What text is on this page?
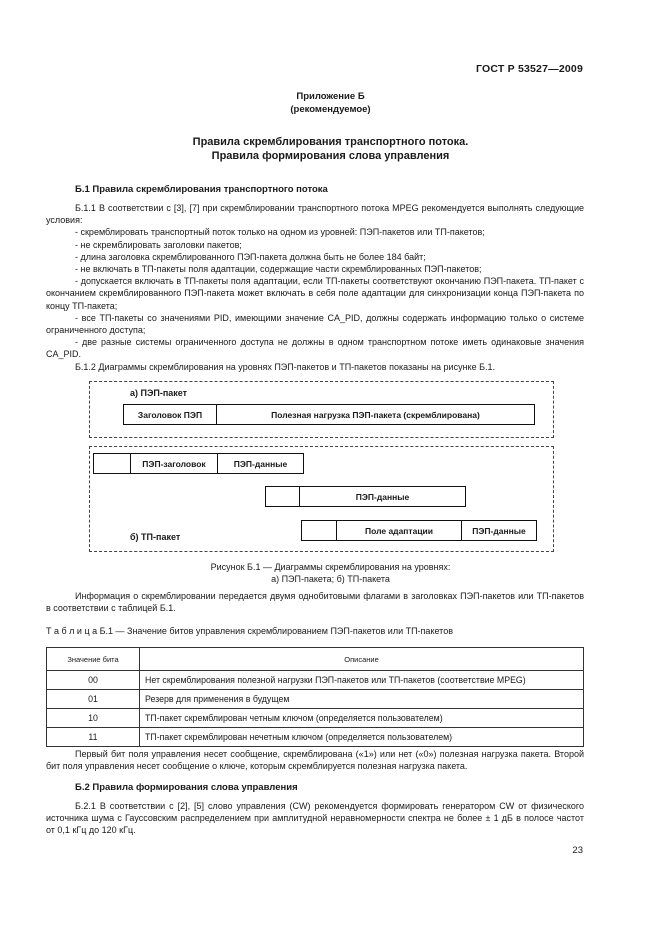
ГОСТ Р 53527—2009
Приложение Б
(рекомендуемое)
Правила скремблирования транспортного потока.
Правила формирования слова управления
Б.1 Правила скремблирования транспортного потока

Б.1.1 В соответствии с [3], [7] при скремблировании транспортного потока MPEG рекомендуется выполнять следующие условия:

- скремблировать транспортный поток только на одном из уровней: ПЭП-пакетов или ТП-пакетов;

- не скремблировать заголовки пакетов;

- длина заголовка скремблированного ПЭП-пакета должна быть не более 184 байт;

- не включать в ТП-пакеты поля адаптации, содержащие части скремблированных ПЭП-пакетов;

- допускается включать в ТП-пакеты поля адаптации, если ТП-пакеты соответствуют окончанию ПЭП-пакета. ТП-пакет с окончанием скремблированного ПЭП-пакета может включать в себя поле адаптации для синхронизации конца ПЭП-пакета по концу ТП-пакета;

- все ТП-пакеты со значениями PID, имеющими значение CA_PID, должны содержать информацию только о системе ограниченного доступа;

- две разные системы ограниченного доступа не должны в одном транспортном потоке иметь одинаковые значения CA_PID.

Б.1.2 Диаграммы скремблирования на уровнях ПЭП-пакетов и ТП-пакетов показаны на рисунке Б.1.

а) ПЭП-пакет
Заголовок ПЭП	Полезная нагрузка ПЭП-пакета (скремблирована)
ПЭП-заголовок	ПЭП-данные
ПЭП-данные
б) ТП-пакет
Поле адаптации	ПЭП-данные
Рисунок Б.1 — Диаграммы скремблирования на уровнях:
а) ПЭП-пакета; б) ТП-пакета

Информация о скремблировании передается двумя однобитовыми флагами в заголовках ПЭП-пакетов или ТП-пакетов в соответствии с таблицей Б.1.

Т а б л и ц а Б.1 — Значение битов управления скремблированием ПЭП-пакетов или ТП-пакетов
Значение бита	Описание
00	Нет скремблирования полезной нагрузки ПЭП-пакетов или ТП-пакетов (соответствие MPEG)
01	Резерв для применения в будущем
10	ТП-пакет скремблирован четным ключом (определяется пользователем)
11	ТП-пакет скремблирован нечетным ключом (определяется пользователем)

Первый бит поля управления несет сообщение, скремблирована («1») или нет («0») полезная нагрузка пакета. Второй бит поля управления несет сообщение о ключе, которым скремблируется полезная нагрузка пакета.

Б.2 Правила формирования слова управления

Б.2.1 В соответствии с [2], [5] слово управления (CW) рекомендуется формировать генератором CW от физического источника шума с Гауссовским распределением при амплитудной неравномерности спектра не более ± 1 дБ в полосе частот от 0,1 кГц до 120 кГц.

23
